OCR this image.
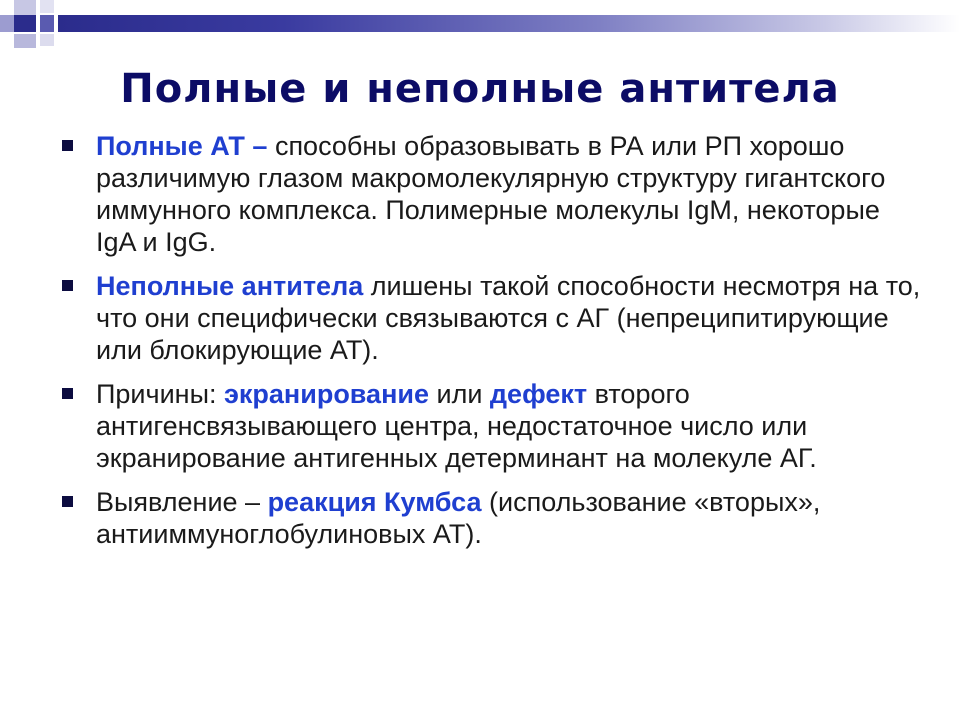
Полные и неполные антитела
Полные АТ – способны образовывать в РА или РП хорошо различимую глазом макромолекулярную структуру гигантского иммунного комплекса. Полимерные молекулы IgM, некоторые IgA и IgG.
Неполные антитела лишены такой способности несмотря на то, что они специфически связываются с АГ (непреципитирующие или блокирующие АТ).
Причины: экранирование или дефект второго антигенсвязывающего центра, недостаточное число или экранирование антигенных детерминант на молекуле АГ.
Выявление – реакция Кумбса (использование «вторых», антииммуноглобулиновых АТ).
